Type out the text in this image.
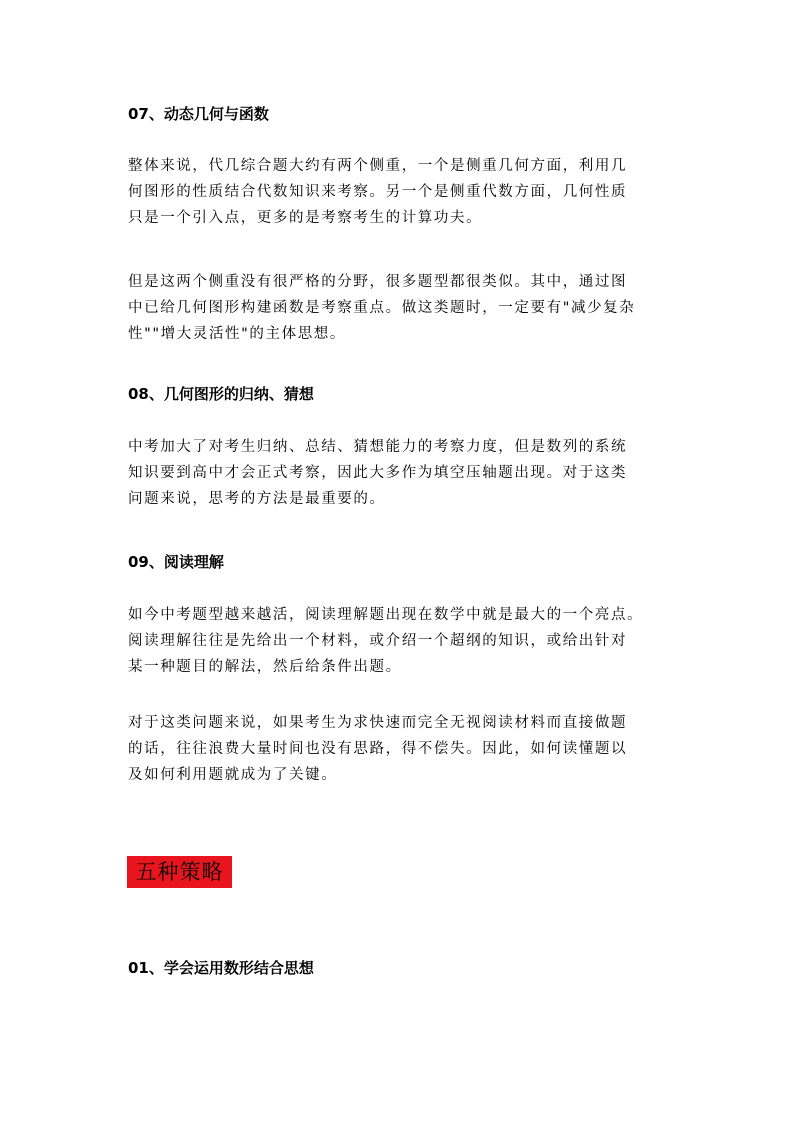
07、动态几何与函数

整体来说，代几综合题大约有两个侧重，一个是侧重几何方面，利用几
何图形的性质结合代数知识来考察。另一个是侧重代数方面，几何性质
只是一个引入点，更多的是考察考生的计算功夫。

但是这两个侧重没有很严格的分野，很多题型都很类似。其中，通过图
中已给几何图形构建函数是考察重点。做这类题时，一定要有"减少复杂
性""增大灵活性"的主体思想。

08、几何图形的归纳、猜想

中考加大了对考生归纳、总结、猜想能力的考察力度，但是数列的系统
知识要到高中才会正式考察，因此大多作为填空压轴题出现。对于这类
问题来说，思考的方法是最重要的。

09、阅读理解

如今中考题型越来越活，阅读理解题出现在数学中就是最大的一个亮点。
阅读理解往往是先给出一个材料，或介绍一个超纲的知识，或给出针对
某一种题目的解法，然后给条件出题。

对于这类问题来说，如果考生为求快速而完全无视阅读材料而直接做题
的话，往往浪费大量时间也没有思路，得不偿失。因此，如何读懂题以
及如何利用题就成为了关键。

五种策略
01、学会运用数形结合思想
